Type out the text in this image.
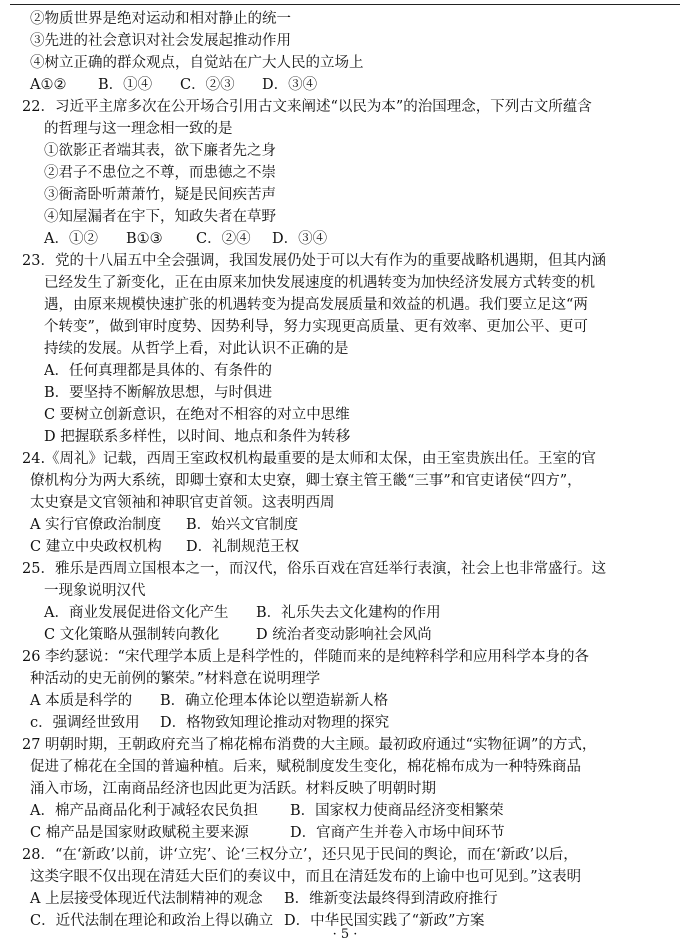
②物质世界是绝对运动和相对静止的统一
③先进的社会意识对社会发展起推动作用
④树立正确的群众观点，自觉站在广大人民的立场上
A①② B．①④ C．②③ D．③④
22．习近平主席多次在公开场合引用古文来阐述“以民为本”的治国理念，下列古文所蕴含
的哲理与这一理念相一致的是
①欲影正者端其表，欲下廉者先之身
②君子不患位之不尊，而患德之不崇
③衙斋卧听萧萧竹，疑是民间疾苦声
④知屋漏者在宇下，知政失者在草野
A．①② B①③ C．②④ D．③④
23．党的十八届五中全会强调，我国发展仍处于可以大有作为的重要战略机遇期，但其内涵
已经发生了新变化，正在由原来加快发展速度的机遇转变为加快经济发展方式转变的机
遇，由原来规模快速扩张的机遇转变为提高发展质量和效益的机遇。我们要立足这“两
个转变”，做到审时度势、因势利导，努力实现更高质量、更有效率、更加公平、更可
持续的发展。从哲学上看，对此认识不正确的是
A．任何真理都是具体的、有条件的
B．要坚持不断解放思想，与时俱进
C 要树立创新意识，在绝对不相容的对立中思维
D 把握联系多样性，以时间、地点和条件为转移
24.《周礼》记载，西周王室政权机构最重要的是太师和太保，由王室贵族出任。王室的官
僚机构分为两大系统，即卿士寮和太史寮，卿士寮主管王畿“三事”和官吏诸侯“四方”，
太史寮是文官领袖和神职官吏首领。这表明西周
A 实行官僚政治制度 B．始兴文官制度
C 建立中央政权机构 D．礼制规范王权
25．雅乐是西周立国根本之一，而汉代，俗乐百戏在宫廷举行表演，社会上也非常盛行。这
一现象说明汉代
A．商业发展促进俗文化产生 B．礼乐失去文化建构的作用
C 文化策略从强制转向教化	D 统治者变动影响社会风尚
26 李约瑟说：“宋代理学本质上是科学性的，伴随而来的是纯粹科学和应用科学本身的各
种活动的史无前例的繁荣。”材料意在说明理学
A 本质是科学的 B．确立伦理本体论以塑造崭新人格
c．强调经世致用 D．格物致知理论推动对物理的探究
27 明朝时期，王朝政府充当了棉花棉布消费的大主顾。最初政府通过“实物征调”的方式，
促进了棉花在全国的普遍种植。后来，赋税制度发生变化，棉花棉布成为一种特殊商品
涌入市场，江南商品经济也因此更为活跃。材料反映了明朝时期
A．棉产品商品化利于减轻农民负担 B．国家权力使商品经济变相繁荣
C 棉产品是国家财政赋税主要来源	D．官商产生并卷入市场中间环节
28．“在‘新政’以前，讲‘立宪’、论‘三权分立’，还只见于民间的舆论，而在‘新政’以后，
这类字眼不仅出现在清廷大臣们的奏议中，而且在清廷发布的上谕中也可见到。”这表明
A 上层接受体现近代法制精神的观念 B．维新变法最终得到清政府推行
C．近代法制在理论和政治上得以确立 D．中华民国实践了“新政”方案
· 5 ·
